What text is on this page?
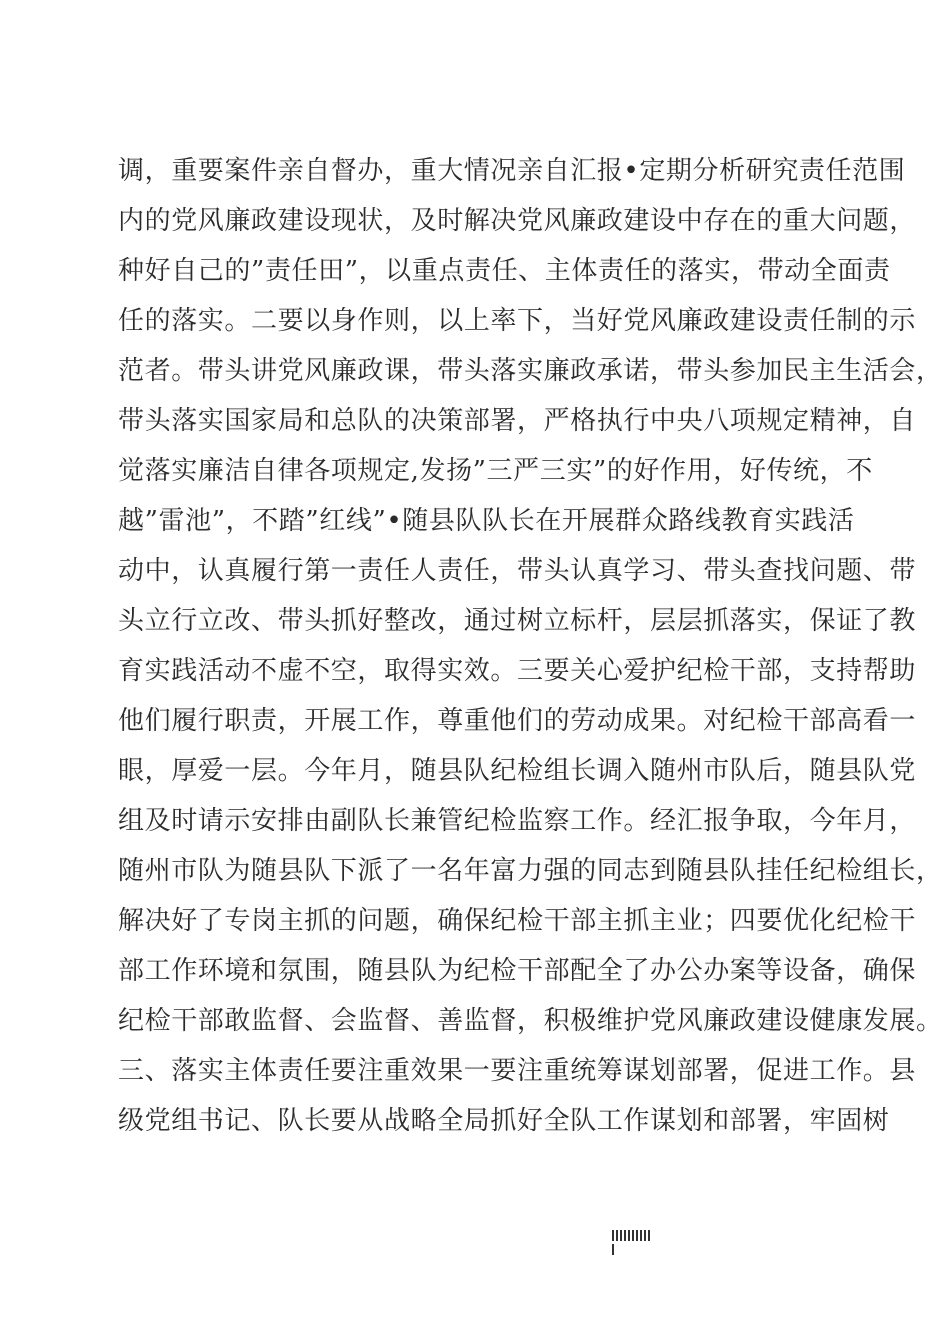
调，重要案件亲自督办，重大情况亲自汇报•定期分析研究责任范围
内的党风廉政建设现状，及时解决党风廉政建设中存在的重大问题，
种好自己的”责任田”，以重点责任、主体责任的落实，带动全面责
任的落实。二要以身作则，以上率下，当好党风廉政建设责任制的示
范者。带头讲党风廉政课，带头落实廉政承诺，带头参加民主生活会，
带头落实国家局和总队的决策部署，严格执行中央八项规定精神，自
觉落实廉洁自律各项规定,发扬”三严三实”的好作用，好传统，不
越”雷池”，不踏”红线”•随县队队长在开展群众路线教育实践活
动中，认真履行第一责任人责任，带头认真学习、带头查找问题、带
头立行立改、带头抓好整改，通过树立标杆，层层抓落实，保证了教
育实践活动不虚不空，取得实效。三要关心爱护纪检干部，支持帮助
他们履行职责，开展工作，尊重他们的劳动成果。对纪检干部高看一
眼，厚爱一层。今年月，随县队纪检组长调入随州市队后，随县队党
组及时请示安排由副队长兼管纪检监察工作。经汇报争取，今年月，
随州市队为随县队下派了一名年富力强的同志到随县队挂任纪检组长，
解决好了专岗主抓的问题，确保纪检干部主抓主业；四要优化纪检干
部工作环境和氛围，随县队为纪检干部配全了办公办案等设备，确保
纪检干部敢监督、会监督、善监督，积极维护党风廉政建设健康发展。
三、落实主体责任要注重效果一要注重统筹谋划部署，促进工作。县
级党组书记、队长要从战略全局抓好全队工作谋划和部署，牢固树
